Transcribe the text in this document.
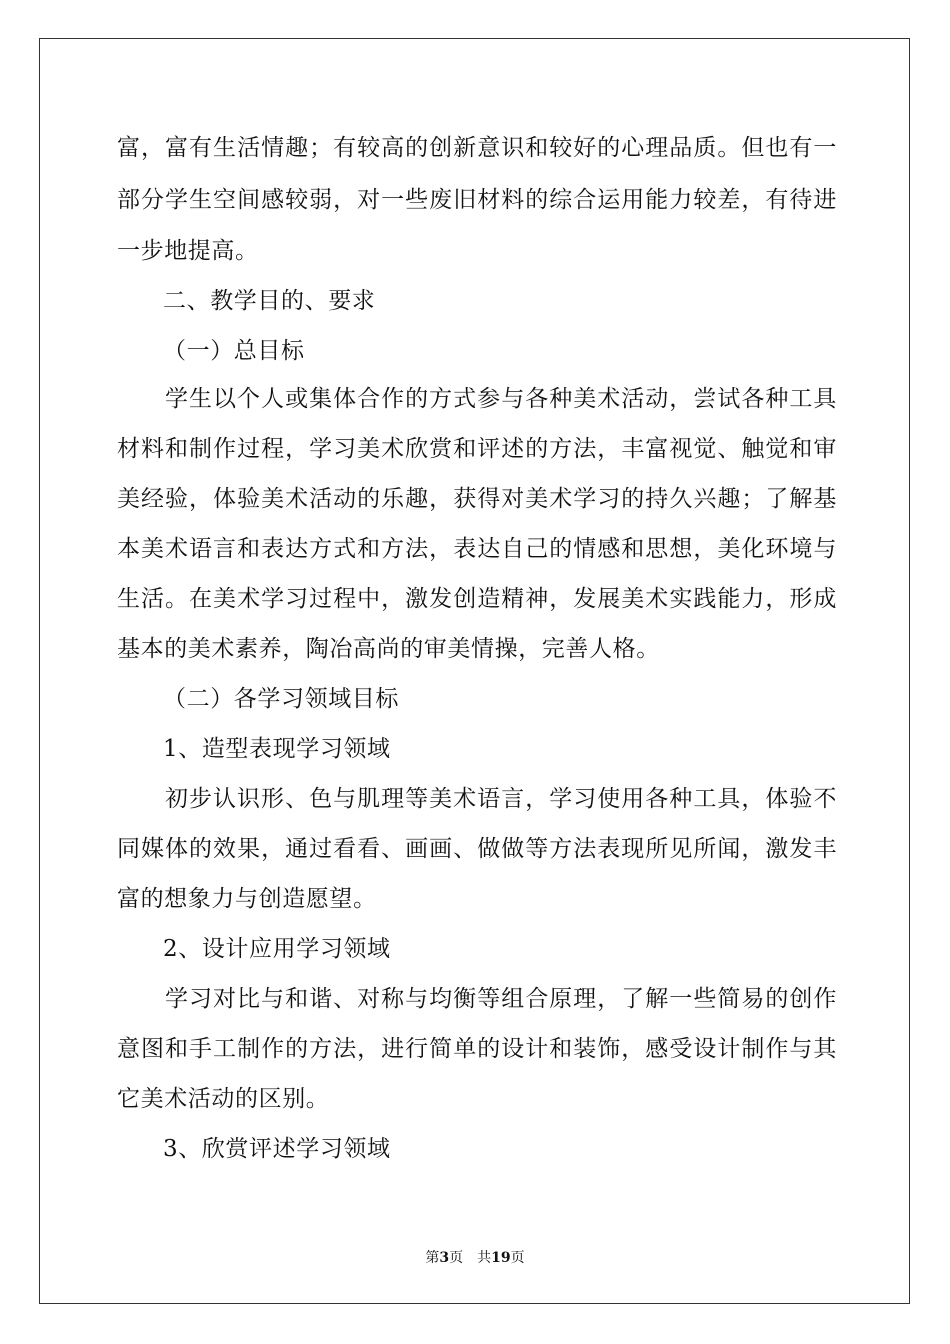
富，富有生活情趣；有较高的创新意识和较好的心理品质。但也有一
部分学生空间感较弱，对一些废旧材料的综合运用能力较差，有待进
一步地提高。
二、教学目的、要求
（一）总目标
学生以个人或集体合作的方式参与各种美术活动，尝试各种工具
材料和制作过程，学习美术欣赏和评述的方法，丰富视觉、触觉和审
美经验，体验美术活动的乐趣，获得对美术学习的持久兴趣；了解基
本美术语言和表达方式和方法，表达自己的情感和思想，美化环境与
生活。在美术学习过程中，激发创造精神，发展美术实践能力，形成
基本的美术素养，陶冶高尚的审美情操，完善人格。
（二）各学习领域目标
1、造型表现学习领域
初步认识形、色与肌理等美术语言，学习使用各种工具，体验不
同媒体的效果，通过看看、画画、做做等方法表现所见所闻，激发丰
富的想象力与创造愿望。
2、设计应用学习领域
学习对比与和谐、对称与均衡等组合原理，了解一些简易的创作
意图和手工制作的方法，进行简单的设计和装饰，感受设计制作与其
它美术活动的区别。
3、欣赏评述学习领域
第3页 共19页
